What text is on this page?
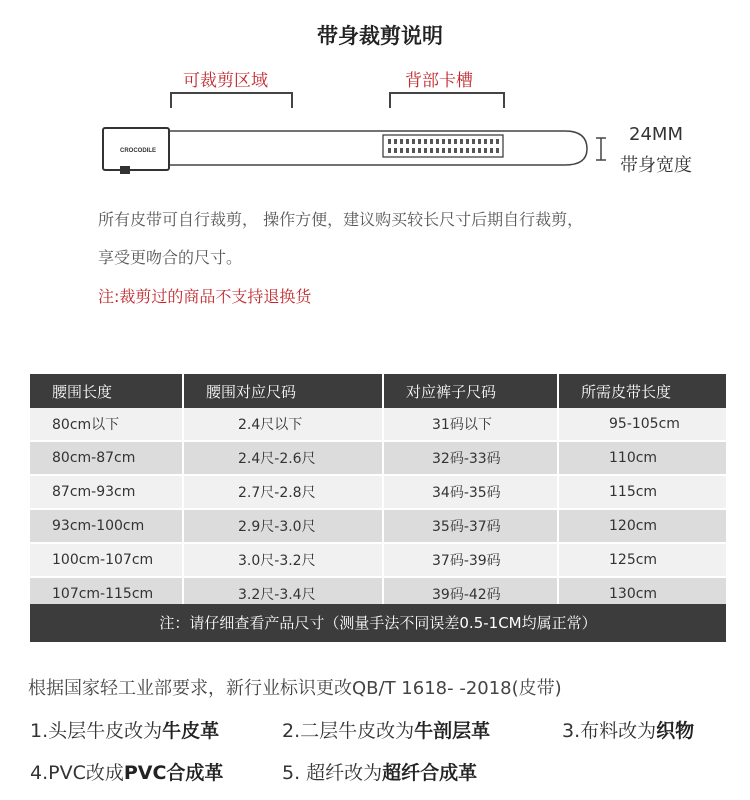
带身裁剪说明
可裁剪区域	背部卡槽
CROCODILE
24MM
带身宽度
所有皮带可自行裁剪， 操作方便，建议购买较长尺寸后期自行裁剪，
享受更吻合的尺寸。
注:裁剪过的商品不支持退换货
腰围长度	腰围对应尺码	对应裤子尺码	所需皮带长度
80cm以下	2.4尺以下	31码以下	95-105cm
80cm-87cm	2.4尺-2.6尺	32码-33码	110cm
87cm-93cm	2.7尺-2.8尺	34码-35码	115cm
93cm-100cm	2.9尺-3.0尺	35码-37码	120cm
100cm-107cm	3.0尺-3.2尺	37码-39码	125cm
107cm-115cm	3.2尺-3.4尺	39码-42码	130cm
注：请仔细查看产品尺寸（测量手法不同误差0.5-1CM均属正常）
根据国家轻工业部要求，新行业标识更改QB/T 1618- -2018(皮带)
1.头层牛皮改为牛皮革	2.二层牛皮改为牛剖层革	3.布料改为织物
4.PVC改成PVC合成革	5. 超纤改为超纤合成革
